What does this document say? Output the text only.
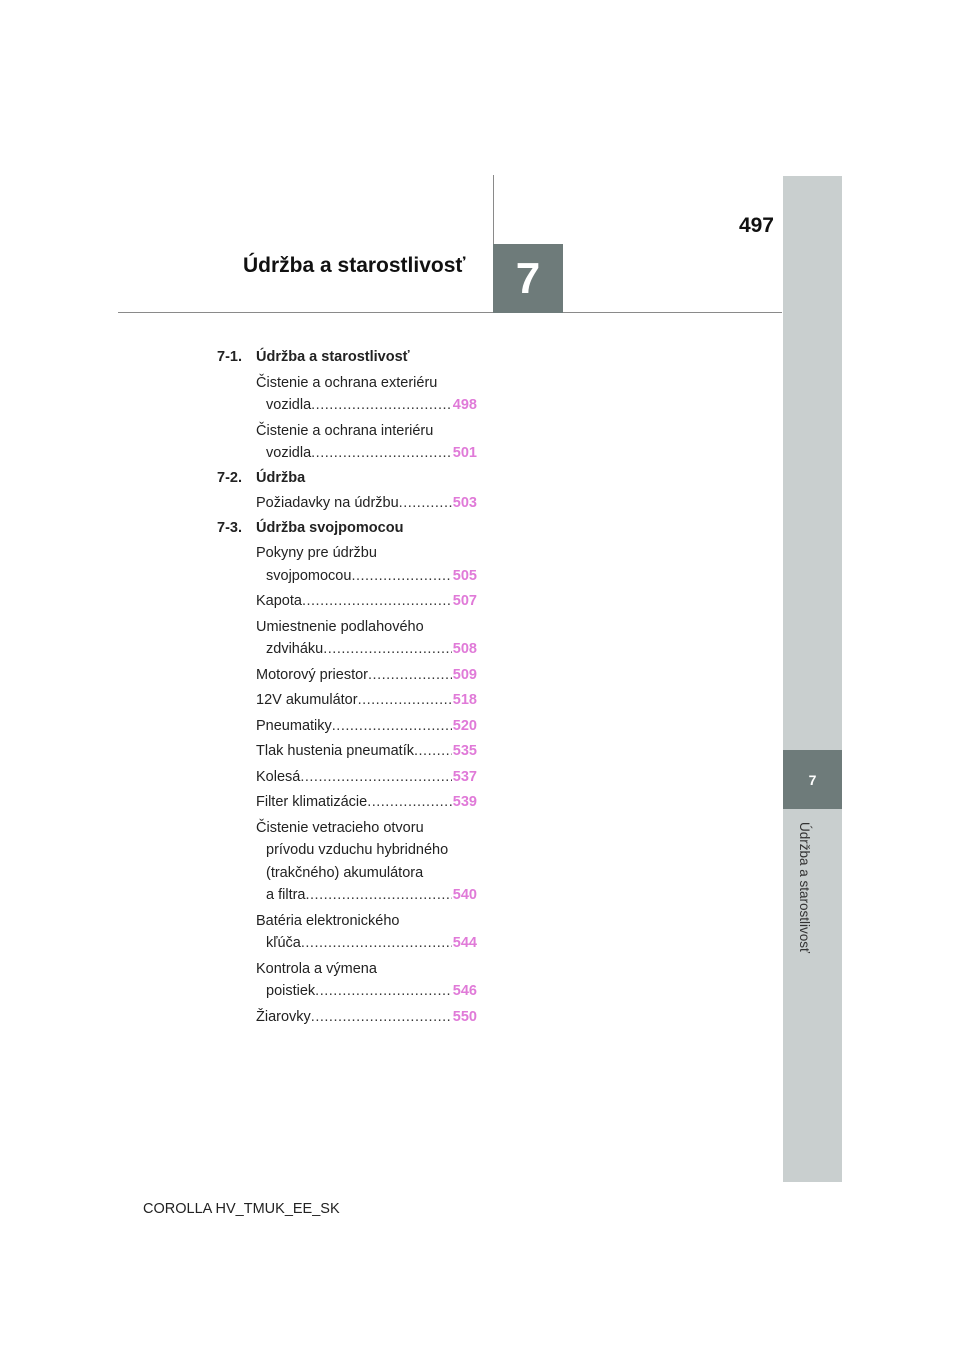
7
Údržba a starostlivosť
497
7
Údržba a starostlivosť
7-1. Údržba a starostlivosť
Čistenie a ochrana exteriéru
vozidla .....	498
Čistenie a ochrana interiéru
vozidla .....	501
7-2. Údržba
Požiadavky na údržbu .....	503
7-3. Údržba svojpomocou
Pokyny pre údržbu
svojpomocou .....	505
Kapota .....	507
Umiestnenie podlahového
zdviháku .....	508
Motorový priestor .....	509
12V akumulátor .....	518
Pneumatiky .....	520
Tlak hustenia pneumatík .....	535
Kolesá .....	537
Filter klimatizácie .....	539
Čistenie vetracieho otvoru
prívodu vzduchu hybridného
(trakčného) akumulátora
a filtra .....	540
Batéria elektronického
kľúča .....	544
Kontrola a výmena
poistiek .....	546
Žiarovky .....	550
COROLLA HV_TMUK_EE_SK
